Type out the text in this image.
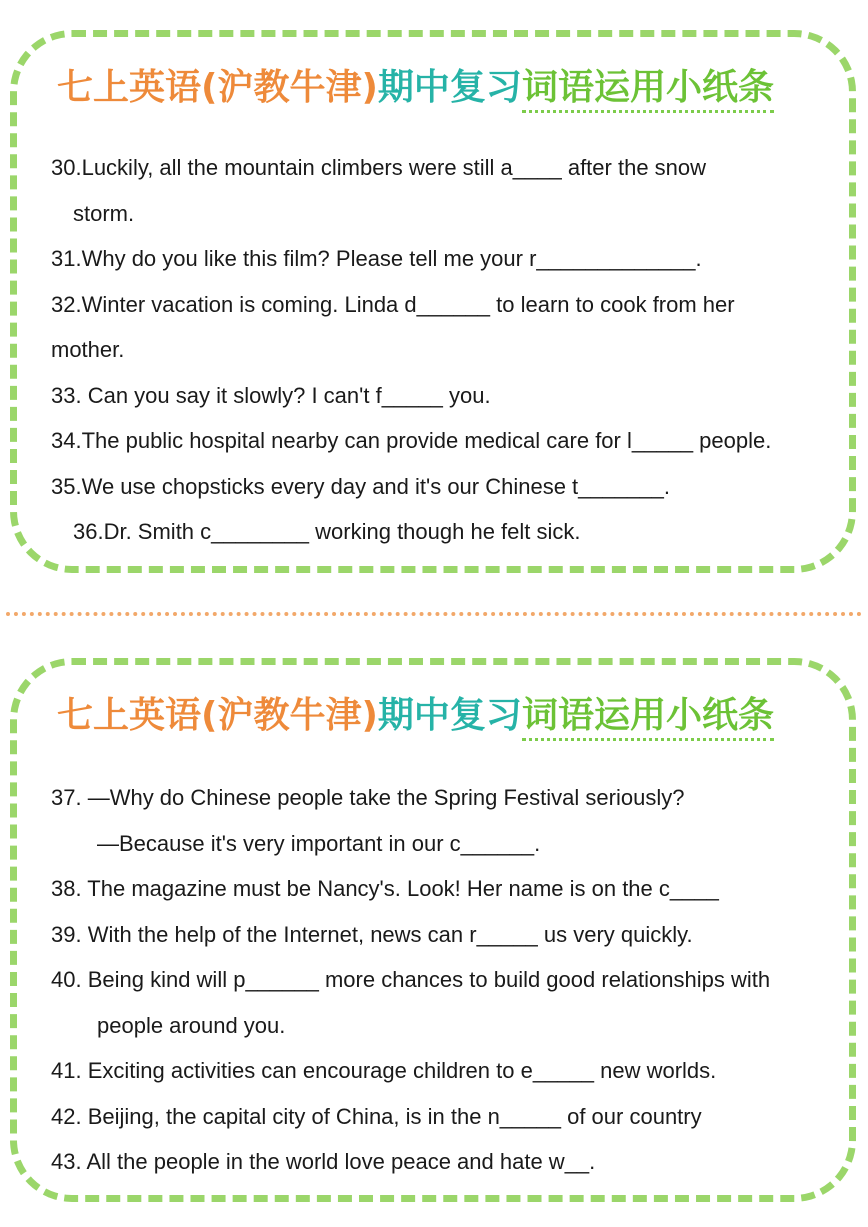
七上英语(沪教牛津)期中复习词语运用小纸条
30.Luckily, all the mountain climbers were still a____ after the snow
storm.
31.Why do you like this film? Please tell me your r_____________.
32.Winter vacation is coming. Linda d______ to learn to cook from her
mother.
33. Can you say it slowly? I can't f_____ you.
34.The public hospital nearby can provide medical care for l_____ people.
35.We use chopsticks every day and it's our Chinese t_______.
36.Dr. Smith c________ working though he felt sick.
七上英语(沪教牛津)期中复习词语运用小纸条
37. —Why do Chinese people take the Spring Festival seriously?
—Because it's very important in our c______.
38. The magazine must be Nancy's. Look! Her name is on the c____
39. With the help of the Internet, news can r_____ us very quickly.
40. Being kind will p______ more chances to build good relationships with
people around you.
41. Exciting activities can encourage children to e_____ new worlds.
42. Beijing, the capital city of China, is in the n_____ of our country
43. All the people in the world love peace and hate w__.
